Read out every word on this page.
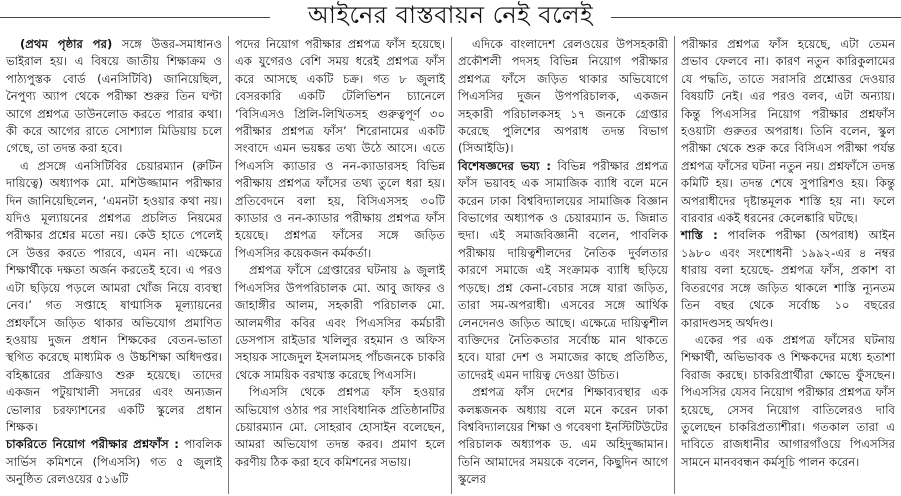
আইনের বাস্তবায়ন নেই বলেই

(প্রথম পৃষ্ঠার পর) সঙ্গে উত্তর-সমাধানও ভাইরাল হয়। এ বিষয়ে জাতীয় শিক্ষাক্রম ও পাঠ্যপুস্তক বোর্ড (এনসিটিবি) জানিয়েছিল, নৈপুণ্য অ্যাপ থেকে পরীক্ষা শুরুর তিন ঘণ্টা আগে প্রশ্নপত্র ডাউনলোড করতে পারার কথা। কী করে আগের রাতে সোশ্যাল মিডিয়ায় চলে গেছে, তা তদন্ত করা হবে।

এ প্রসঙ্গে এনসিটিবির চেয়ারম্যান (রুটিন দায়িত্বে) অধ্যাপক মো. মশিউজ্জামান পরীক্ষার দিন জানিয়েছিলেন, ‘এমনটা হওয়ার কথা নয়। যদিও মূল্যায়নের প্রশ্নপত্র প্রচলিত নিয়মের পরীক্ষার প্রশ্নের মতো নয়। কেউ হাতে পেলেই সে উত্তর করতে পারবে, এমন না। এক্ষেত্রে শিক্ষার্থীকে দক্ষতা অর্জন করতেই হবে। এ পরও এটা ছড়িয়ে পড়লে আমরা খোঁজ নিয়ে ব্যবস্থা নেব।’ গত সপ্তাহে ষাণ্মাসিক মূল্যায়নের প্রশ্নফাঁসে জড়িত থাকার অভিযোগ প্রমাণিত হওয়ায় দুজন প্রধান শিক্ষকের বেতন-ভাতা স্থগিত করেছে মাধ্যমিক ও উচ্চশিক্ষা অধিদপ্তর। বহিষ্কারের প্রক্রিয়াও শুরু হয়েছে। তাদের একজন পটুয়াখালী সদরের এবং অন্যজন ভোলার চরফ্যাশনের একটি স্কুলের প্রধান শিক্ষক।

চাকরিতে নিয়োগ পরীক্ষার প্রশ্নফাঁস : পাবলিক সার্ভিস কমিশনে (পিএসসি) গত ৫ জুলাই অনুষ্ঠিত রেলওয়ের ৫১৬টি

পদের নিয়োগ পরীক্ষার প্রশ্নপত্র ফাঁস হয়েছে। এক যুগেরও বেশি সময় ধরেই প্রশ্নপত্র ফাঁস করে আসছে একটি চক্র। গত ৮ জুলাই বেসরকারি একটি টেলিভিশন চ্যানেলে ‘বিসিএসও প্রিলি-লিখিতসহ গুরুত্বপূর্ণ ৩০ পরীক্ষার প্রশ্নপত্র ফাঁস’ শিরোনামের একটি সংবাদে এমন ভয়ঙ্কর তথ্য উঠে আসে। এতে পিএসসি ক্যাডার ও নন-ক্যাডারসহ বিভিন্ন পরীক্ষায় প্রশ্নপত্র ফাঁসের তথ্য তুলে ধরা হয়। প্রতিবেদনে বলা হয়, বিসিএসসহ ৩০টি ক্যাডার ও নন-ক্যাডার পরীক্ষায় প্রশ্নপত্র ফাঁস হয়েছে। প্রশ্নপত্র ফাঁসের সঙ্গে জড়িত পিএসসির কয়েকজন কর্মকর্তা।

প্রশ্নপত্র ফাঁসে গ্রেপ্তারের ঘটনায় ৯ জুলাই পিএসসির উপপরিচালক মো. আবু জাফর ও জাহাঙ্গীর আলম, সহকারী পরিচালক মো. আলমগীর কবির এবং পিএসসির কর্মচারী ডেসপাস রাইডার খলিলুর রহমান ও অফিস সহায়ক সাজেদুল ইসলামসহ পাঁচজনকে চাকরি থেকে সাময়িক বরখাস্ত করেছে পিএসসি।

পিএসসি থেকে প্রশ্নপত্র ফাঁস হওয়ার অভিযোগ ওঠার পর সাংবিধানিক প্রতিষ্ঠানটির চেয়ারম্যান মো. সোহরাব হোসাইন বলেছেন, আমরা অভিযোগ তদন্ত করব। প্রমাণ হলে করণীয় ঠিক করা হবে কমিশনের সভায়।

এদিকে বাংলাদেশ রেলওয়ের উপসহকারী প্রকৌশলী পদসহ বিভিন্ন নিয়োগ পরীক্ষার প্রশ্নপত্র ফাঁসে জড়িত থাকার অভিযোগে পিএসসির দুজন উপপরিচালক, একজন সহকারী পরিচালকসহ ১৭ জনকে গ্রেপ্তার করেছে পুলিশের অপরাধ তদন্ত বিভাগ (সিআইডি)।

বিশেষজ্ঞদের ভয্য : বিভিন্ন পরীক্ষার প্রশ্নপত্র ফাঁস ভয়াবহ এক সামাজিক ব্যাধি বলে মনে করেন ঢাকা বিশ্ববিদ্যালয়ের সামাজিক বিজ্ঞান বিভাগের অধ্যাপক ও চেয়ারম্যান ড. জিন্নাত হুদা। এই সমাজবিজ্ঞানী বলেন, পাবলিক পরীক্ষায় দায়িত্বশীলদের নৈতিক দুর্বলতার কারণে সমাজে এই সংক্রামক ব্যাধি ছড়িয়ে পড়ছে। প্রশ্ন কেনা-বেচার সঙ্গে যারা জড়িত, তারা সম-অপরাধী। এসবের সঙ্গে আর্থিক লেনদেনও জড়িত আছে। এক্ষেত্রে দায়িত্বশীল ব্যক্তিদের নৈতিকতার সর্বোচ্চ মান থাকতে হবে। যারা দেশ ও সমাজের কাছে প্রতিষ্ঠিত, তাদেরই এমন দায়িত্ব দেওয়া উচিত।

প্রশ্নপত্র ফাঁস দেশের শিক্ষাব্যবস্থার এক কলঙ্কজনক অধ্যায় বলে মনে করেন ঢাকা বিশ্ববিদ্যালয়ের শিক্ষা ও গবেষণা ইনস্টিটিউটের পরিচালক অধ্যাপক ড. এম অহিদুজ্জামান। তিনি আমাদের সময়কে বলেন, কিছুদিন আগে স্কুলের

পরীক্ষার প্রশ্নপত্র ফাঁস হয়েছে, এটা তেমন প্রভাব ফেলবে না। কারণ নতুন কারিকুলামের যে পদ্ধতি, তাতে সরাসরি প্রশ্নোত্তর দেওয়ার বিষয়টি নেই। এর পরও বলব, এটা অন্যায়। কিন্তু পিএসসির নিয়োগ পরীক্ষার প্রশ্নফাঁস হওয়াটা গুরুতর অপরাধ। তিনি বলেন, স্কুল পরীক্ষা থেকে শুরু করে বিসিএস পরীক্ষা পর্যন্ত প্রশ্নপত্র ফাঁসের ঘটনা নতুন নয়। প্রশ্নফাঁসে তদন্ত কমিটি হয়। তদন্ত শেষে সুপারিশও হয়। কিন্তু অপরাধীদের দৃষ্টান্তমূলক শাস্তি হয় না। ফলে বারবার একই ধরনের কেলেঙ্কারি ঘটছে।

শাস্তি : পাবলিক পরীক্ষা (অপরাধ) আইন ১৯৮০ এবং সংশোধনী ১৯৯২-এর ৪ নম্বর ধারায় বলা হয়েছে- প্রশ্নপত্র ফাঁস, প্রকাশ বা বিতরণের সঙ্গে জড়িত থাকলে শাস্তি ন্যূনতম তিন বছর থেকে সর্বোচ্চ ১০ বছরের কারাদণ্ডসহ অর্থদণ্ড।

একের পর এক প্রশ্নপত্র ফাঁসের ঘটনায় শিক্ষার্থী, অভিভাবক ও শিক্ষকদের মধ্যে হতাশা বিরাজ করছে। চাকরিপ্রার্থীরা ক্ষোভে ফুঁসছেন। পিএসসির যেসব নিয়োগ পরীক্ষার প্রশ্নপত্র ফাঁস হয়েছে, সেসব নিয়োগ বাতিলেরও দাবি তুলেছেন চাকরিপ্রত্যাশীরা। গতকাল তারা এ দাবিতে রাজধানীর আগারগাঁওয়ে পিএসসির সামনে মানববন্ধন কর্মসূচি পালন করেন।
